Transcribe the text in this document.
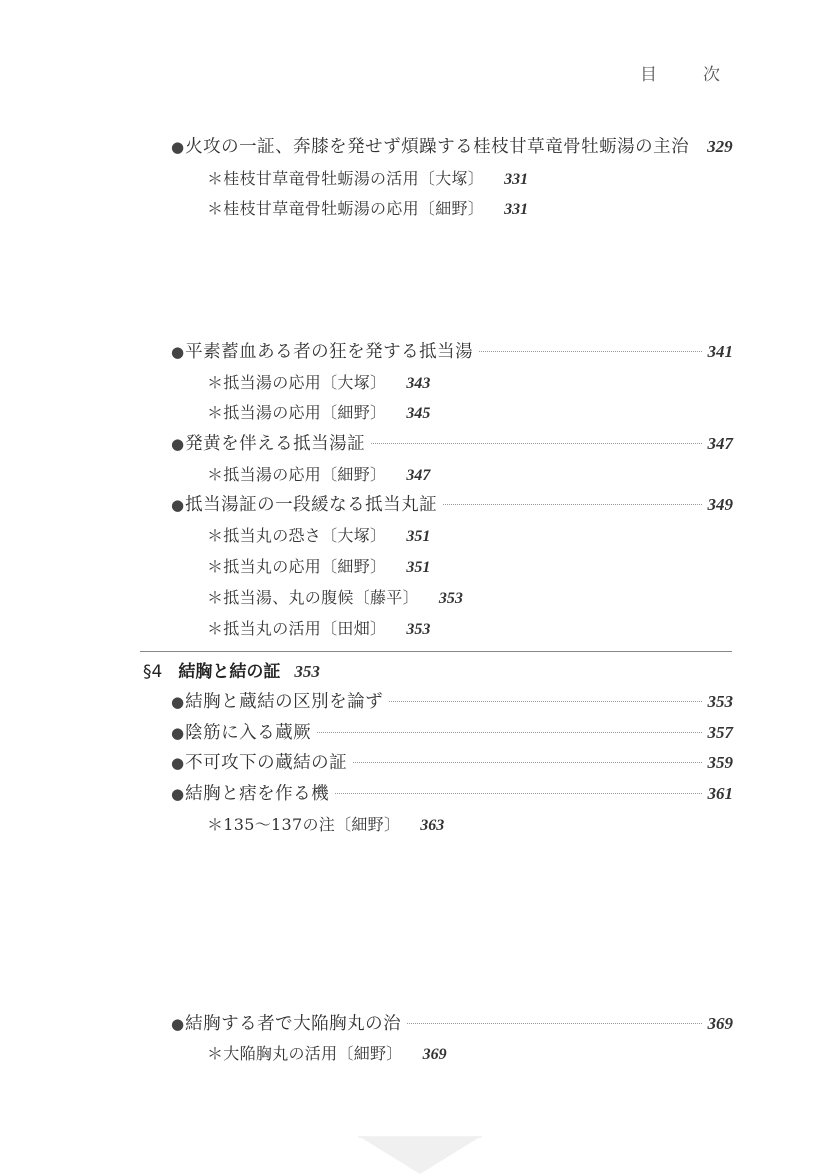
目	次
● 火攻の一証、奔膝を発せず煩躁する桂枝甘草竜骨牡蛎湯の主治 329
＊桂枝甘草竜骨牡蛎湯の活用〔大塚〕 331
＊桂枝甘草竜骨牡蛎湯の応用〔細野〕 331
● 平素蓄血ある者の狂を発する抵当湯	341
＊抵当湯の応用〔大塚〕 343
＊抵当湯の応用〔細野〕 345
● 発黄を伴える抵当湯証	347
＊抵当湯の応用〔細野〕 347
● 抵当湯証の一段緩なる抵当丸証	349
＊抵当丸の恐さ〔大塚〕 351
＊抵当丸の応用〔細野〕 351
＊抵当湯、丸の腹候〔藤平〕 353
＊抵当丸の活用〔田畑〕 353
§4 結胸と結の証 353
● 結胸と蔵結の区別を論ず	353
● 陰筋に入る蔵厥	357
● 不可攻下の蔵結の証	359
● 結胸と痞を作る機	361
＊135〜137の注〔細野〕 363
● 結胸する者で大陥胸丸の治	369
＊大陥胸丸の活用〔細野〕 369
